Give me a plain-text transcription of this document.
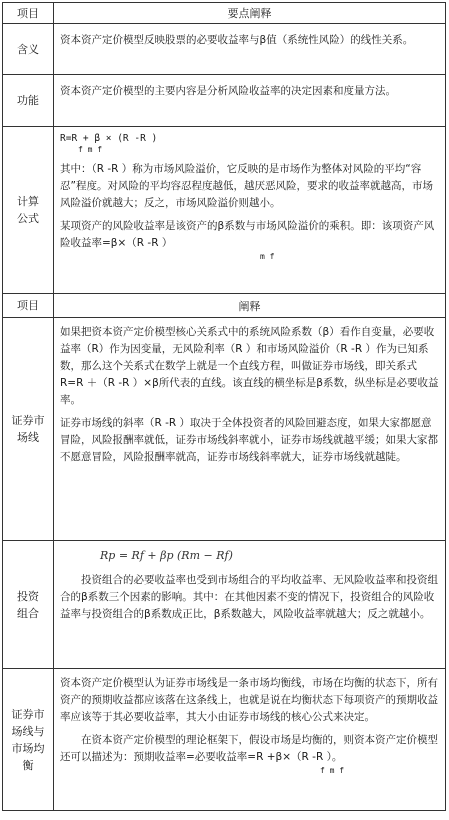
项目	要点阐释
含义
资本资产定价模型反映股票的必要收益率与β值（系统性风险）的线性关系。
功能
资本资产定价模型的主要内容是分析风险收益率的决定因素和度量方法。
计算公式

R=R + β × (R -R )

f m f

其中：（R -R ）称为市场风险溢价，它反映的是市场作为整体对风险的平均“容忍”程度。对风险的平均容忍程度越低，越厌恶风险，要求的收益率就越高，市场风险溢价就越大；反之，市场风险溢价则越小。

某项资产的风险收益率是该资产的β系数与市场风险溢价的乘积。即：该项资产风险收益率=β×（R -R ）

m f

项目	阐释
证券市场线

如果把资本资产定价模型核心关系式中的系统风险系数（β）看作自变量，必要收益率（R）作为因变量，无风险利率（R ）和市场风险溢价（R -R ）作为已知系数，那么这个关系式在数学上就是一个直线方程，叫做证券市场线，即关系式R=R ＋（R -R ）×β所代表的直线。该直线的横坐标是β系数，纵坐标是必要收益率。

证券市场线的斜率（R -R ）取决于全体投资者的风险回避态度，如果大家都愿意冒险，风险报酬率就低，证券市场线斜率就小，证券市场线就越平缓；如果大家都不愿意冒险，风险报酬率就高，证券市场线斜率就大，证券市场线就越陡。

投资组合

Rp = Rf + βp (Rm − Rf)

投资组合的必要收益率也受到市场组合的平均收益率、无风险收益率和投资组合的β系数三个因素的影响。其中：在其他因素不变的情况下，投资组合的风险收益率与投资组合的β系数成正比，β系数越大，风险收益率就越大；反之就越小。

证券市场线与市场均衡

资本资产定价模型认为证券市场线是一条市场均衡线，市场在均衡的状态下，所有资产的预期收益都应该落在这条线上，也就是说在均衡状态下每项资产的预期收益率应该等于其必要收益率，其大小由证券市场线的核心公式来决定。

在资本资产定价模型的理论框架下，假设市场是均衡的，则资本资产定价模型还可以描述为：预期收益率=必要收益率=R +β×（R -R ）。

f m f
